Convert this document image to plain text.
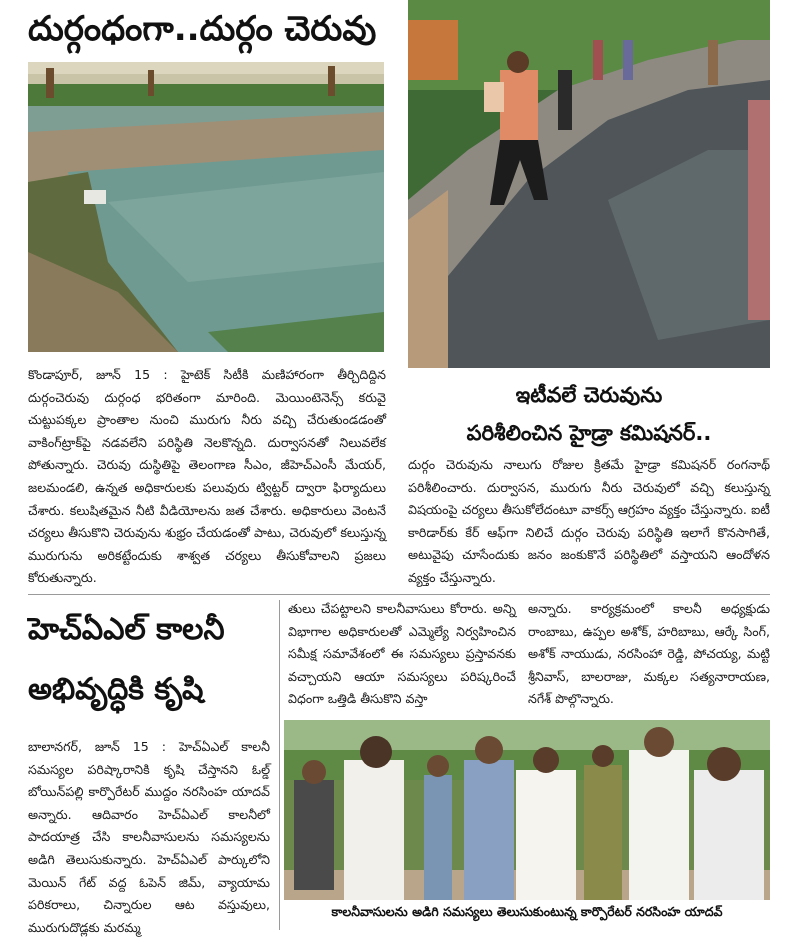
దుర్గంధంగా..దుర్గం చెరువు
కొండాపూర్, జూన్ 15 : హైటెక్ సిటీకి మణిహారంగా తీర్చిదిద్దిన దుర్గంచెరువు దుర్గంధ భరితంగా మారింది. మెయింటెనెన్స్ కరువై చుట్టుపక్కల ప్రాంతాల నుంచి మురుగు నీరు వచ్చి చేరుతుండడంతో వాకింగ్‌ట్రాక్‌పై నడవలేని పరిస్థితి నెలకొన్నది. దుర్వాసనతో నిలువలేక పోతున్నారు. చెరువు దుస్థితిపై తెలంగాణ సీఎం, జీహెచ్ఎంసీ మేయర్, జలమండలి, ఉన్నత అధికారులకు పలువురు ట్విట్టర్ ద్వారా ఫిర్యాదులు చేశారు. కలుషితమైన నీటి వీడియోలను జత చేశారు. అధికారులు వెంటనే చర్యలు తీసుకొని చెరువును శుభ్రం చేయడంతో పాటు, చెరువులో కలుస్తున్న మురుగును అరికట్టేందుకు శాశ్వత చర్యలు తీసుకోవాలని ప్రజలు కోరుతున్నారు.
ఇటీవలే చెరువును
పరిశీలించిన హైడ్రా కమిషనర్..
దుర్గం చెరువును నాలుగు రోజుల క్రితమే హైడ్రా కమిషనర్ రంగనాథ్ పరిశీలించారు. దుర్వాసన, మురుగు నీరు చెరువులో వచ్చి కలుస్తున్న విషయంపై చర్యలు తీసుకోలేదంటూ వాకర్స్ ఆగ్రహం వ్యక్తం చేస్తున్నారు. ఐటీ కారిడార్‌కు కేర్ ఆఫ్‌గా నిలిచే దుర్గం చెరువు పరిస్థితి ఇలాగే కొనసాగితే, అటువైపు చూసేందుకు జనం జంకుకొనే పరిస్థితిలో వస్తాయని ఆందోళన వ్యక్తం చేస్తున్నారు.
హెచ్ఏఎల్ కాలనీ
అభివృద్ధికి కృషి
బాలానగర్, జూన్ 15 : హెచ్ఏఎల్ కాలనీ సమస్యల పరిష్కారానికి కృషి చేస్తానని ఓల్డ్ బోయిన్‌పల్లి కార్పొరేటర్ ముద్దం నరసింహ యాదవ్ అన్నారు. ఆదివారం హెచ్ఏఎల్ కాలనీలో పాదయాత్ర చేసి కాలనీవాసులను సమస్యలను అడిగి తెలుసుకున్నారు. హెచ్ఏఎల్ పార్కులోని మెయిన్ గేట్ వద్ద ఓపెన్ జిమ్, వ్యాయామ పరికరాలు, చిన్నారుల ఆట వస్తువులు, మురుగుదొడ్లకు మరమ్మ
తులు చేపట్టాలని కాలనీవాసులు కోరారు. అన్ని విభాగాల అధికారులతో ఎమ్మెల్యే నిర్వహించిన సమీక్ష సమావేశంలో ఈ సమస్యలు ప్రస్తావనకు వచ్చాయని ఆయా సమస్యలు పరిష్కరించే విధంగా ఒత్తిడి తీసుకొని వస్తా
అన్నారు. కార్యక్రమంలో కాలనీ అధ్యక్షుడు రాంబాబు, ఉప్పల అశోక్, హరిబాబు, ఆర్కే సింగ్, అశోక్ నాయుడు, నరసింహా రెడ్డి, పోచయ్య, మట్టి శ్రీనివాస్, బాలరాజు, మక్కల సత్యనారాయణ, నగేశ్ పొల్గొన్నారు.
కాలనీవాసులను అడిగి సమస్యలు తెలుసుకుంటున్న కార్పొరేటర్ నరసింహ యాదవ్
